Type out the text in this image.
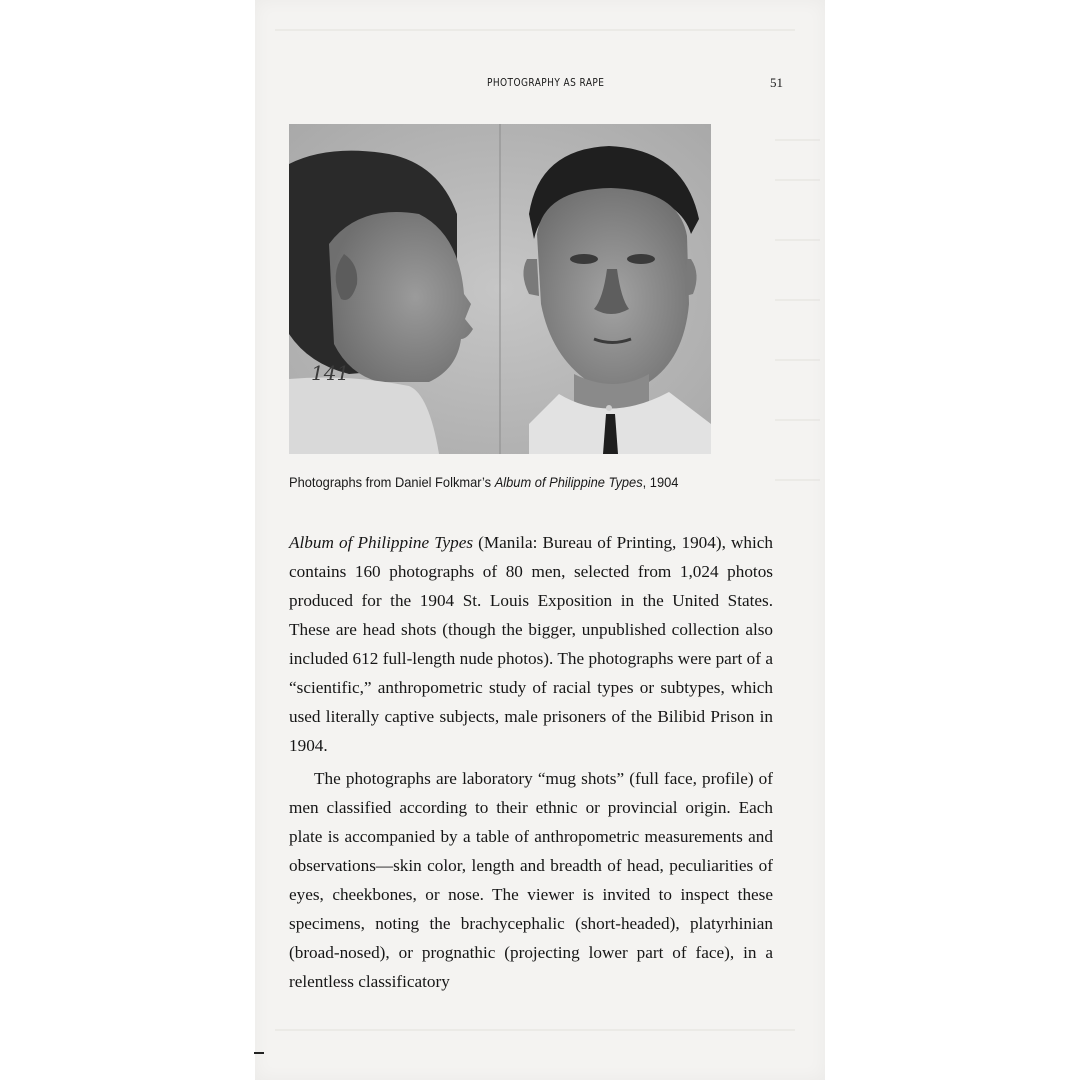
PHOTOGRAPHY AS RAPE	51
141
Photographs from Daniel Folkmar’s Album of Philippine Types, 1904

Album of Philippine Types (Manila: Bureau of Printing, 1904), which contains 160 photographs of 80 men, selected from 1,024 photos produced for the 1904 St. Louis Exposition in the United States. These are head shots (though the bigger, unpublished collection also included 612 full-length nude photos). The photographs were part of a “scientific,” anthropometric study of racial types or subtypes, which used literally captive subjects, male prisoners of the Bilibid Prison in 1904.

The photographs are laboratory “mug shots” (full face, profile) of men classified according to their ethnic or provincial origin. Each plate is accompanied by a table of anthropometric measurements and observations—skin color, length and breadth of head, peculiarities of eyes, cheekbones, or nose. The viewer is invited to inspect these specimens, noting the brachycephalic (short-headed), platyrhinian (broad-nosed), or prognathic (projecting lower part of face), in a relentless classificatory
